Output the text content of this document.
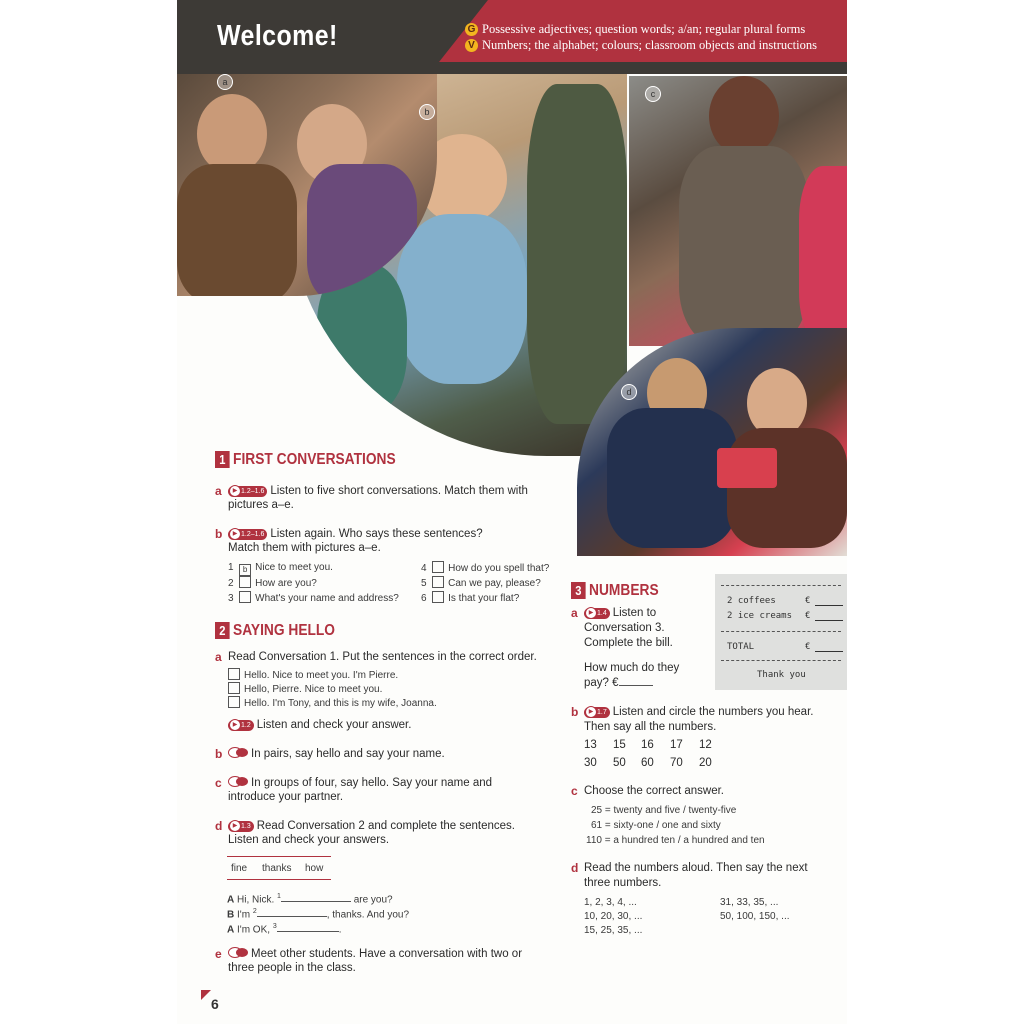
Welcome!	G Possessive adjectives; question words; a/an; regular plural forms
V Numbers; the alphabet; colours; classroom objects and instructions
a
b
c
d
1 FIRST CONVERSATIONS
a	▶ 1.2–1.6 Listen to five short conversations. Match them with
pictures a–e.
b	▶ 1.2–1.6 Listen again. Who says these sentences?
Match them with pictures a–e.
1 b Nice to meet you.
2 How are you?
3 What's your name and address?
4 How do you spell that?
5 Can we pay, please?
6 Is that your flat?
2 SAYING HELLO
a Read Conversation 1. Put the sentences in the correct order.
Hello. Nice to meet you. I'm Pierre.
Hello, Pierre. Nice to meet you.
Hello. I'm Tony, and this is my wife, Joanna.
▶ 1.2 Listen and check your answer.
b	In pairs, say hello and say your name.
c	In groups of four, say hello. Say your name and
introduce your partner.
d	▶ 1.3 Read Conversation 2 and complete the sentences.
Listen and check your answers.
fine thanks how
A Hi, Nick. $^1$	are you?
B I'm $^2$	, thanks. And you?
A I'm OK, $^3$	.
e	Meet other students. Have a conversation with two or
three people in the class.
3 NUMBERS
a	▶ 1.4 Listen to
Conversation 3.
Complete the bill.
How much do they
pay? €
2 coffees	€
2 ice creams €
TOTAL	€
Thank you
b	▶ 1.7 Listen and circle the numbers you hear.
Then say all the numbers.
13 15 16 17 12
30 50 60 70 20
c Choose the correct answer.
25 = twenty and five / twenty-five
61 = sixty-one / one and sixty
110 = a hundred ten / a hundred and ten
d Read the numbers aloud. Then say the next
three numbers.
1, 2, 3, 4, ...
10, 20, 30, ...
15, 25, 35, ...
31, 33, 35, ...
50, 100, 150, ...
6
